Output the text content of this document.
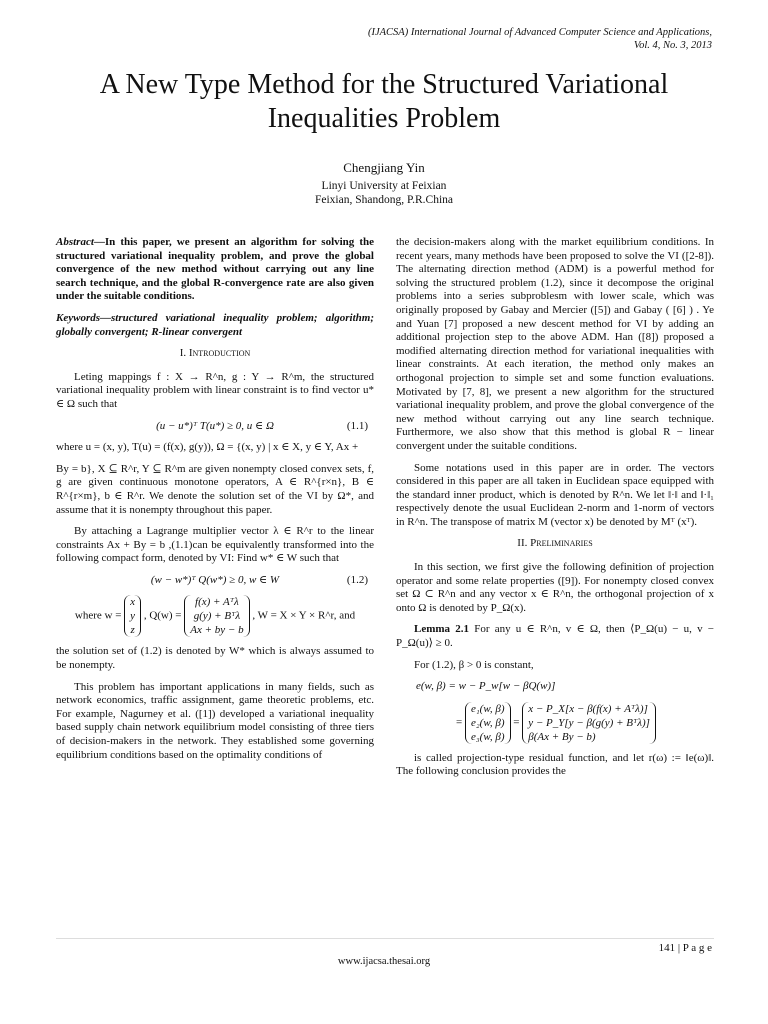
(IJACSA) International Journal of Advanced Computer Science and Applications,
Vol. 4, No. 3, 2013
A New Type Method for the Structured Variational Inequalities Problem
Chengjiang Yin
Linyi University at Feixian
Feixian, Shandong, P.R.China

Abstract—In this paper, we present an algorithm for solving the structured variational inequality problem, and prove the global convergence of the new method without carrying out any line search technique, and the global R-convergence rate are also given under the suitable conditions.

Keywords—structured variational inequality problem; algorithm; globally convergent; R-linear convergent

I. Introduction

Leting mappings f : X → R^n, g : Y → R^m, the structured variational inequality problem with linear constraint is to find vector u* ∈ Ω such that

(u − u*)ᵀ T(u*) ≥ 0, u ∈ Ω	(1.1)

where u = (x, y), T(u) = (f(x), g(y)), Ω = {(x, y) | x ∈ X, y ∈ Y, Ax +

By = b}, X ⊆ R^r, Y ⊆ R^m are given nonempty closed convex sets, f, g are given continuous monotone operators, A ∈ R^{r×n}, B ∈ R^{r×m}, b ∈ R^r. We denote the solution set of the VI by Ω*, and assume that it is nonempty throughout this paper.

By attaching a Lagrange multiplier vector λ ∈ R^r to the linear constraints Ax + By = b ,(1.1)can be equivalently transformed into the following compact form, denoted by VI: Find w* ∈ W such that

(w − w*)ᵀ Q(w*) ≥ 0, w ∈ W	(1.2)
where w = x
y
z , Q(w) = f(x) + Aᵀλ
g(y) + Bᵀλ
Ax + by − b , W = X × Y × R^r, and

the solution set of (1.2) is denoted by W* which is always assumed to be nonempty.

This problem has important applications in many fields, such as network economics, traffic assignment, game theoretic problems, etc. For example, Nagurney et al. ([1]) developed a variational inequality based supply chain network equilibrium model consisting of three tiers of decision-makers in the network. They established some governing equilibrium conditions based on the optimality conditions of

the decision-makers along with the market equilibrium conditions. In recent years, many methods have been proposed to solve the VI ([2-8]). The alternating direction method (ADM) is a powerful method for solving the structured problem (1.2), since it decompose the original problems into a series subproblesm with lower scale, which was originally proposed by Gabay and Mercier ([5]) and Gabay ( [6] ) . Ye and Yuan [7] proposed a new descent method for VI by adding an additional projection step to the above ADM. Han ([8]) proposed a modified alternating direction method for variational inequalities with linear constraints. At each iteration, the method only makes an orthogonal projection to simple set and some function evaluations. Motivated by [7, 8], we present a new algorithm for the structured variational inequality problem, and prove the global convergence of the new method without carrying out any line search technique. Furthermore, we also show that this method is global R − linear convergent under the suitable conditions.

Some notations used in this paper are in order. The vectors considered in this paper are all taken in Euclidean space equipped with the standard inner product, which is denoted by R^n. We let ‖·‖ and ‖·‖₁ respectively denote the usual Euclidean 2-norm and 1-norm of vectors in R^n. The transpose of matrix M (vector x) be denoted by Mᵀ (xᵀ).

II. Preliminaries

In this section, we first give the following definition of projection operator and some relate properties ([9]). For nonempty closed convex set Ω ⊂ R^n and any vector x ∈ R^n, the orthogonal projection of x onto Ω is denoted by P_Ω(x).

Lemma 2.1 For any u ∈ R^n, v ∈ Ω, then ⟨P_Ω(u) − u, v − P_Ω(u)⟩ ≥ 0.

For (1.2), β > 0 is constant,

e(w, β) = w − P_w[w − βQ(w)]
= e₁(w, β)
e₂(w, β)
e₃(w, β) = x − P_X[x − β(f(x) + Aᵀλ)]
y − P_Y[y − β(g(y) + Bᵀλ)]
β(Ax + By − b)

is called projection-type residual function, and let r(ω) := ‖e(ω)‖. The following conclusion provides the

141 | P a g e
www.ijacsa.thesai.org
